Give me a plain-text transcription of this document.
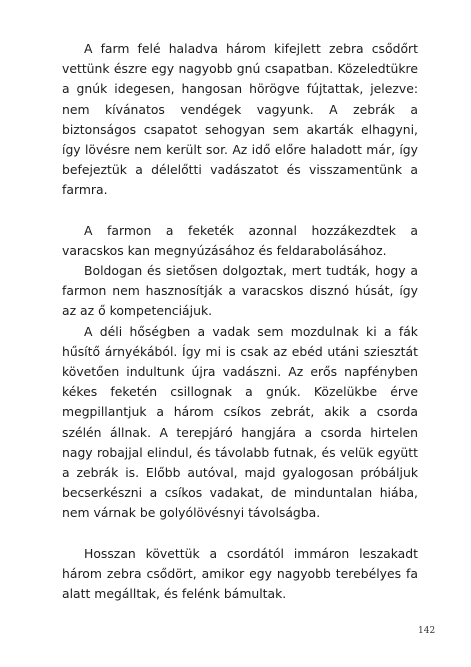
A farm felé haladva három kifejlett zebra csődőrt vettünk észre egy nagyobb gnú csapatban. Közeledtükre a gnúk idegesen, hangosan hörögve fújtattak, jelezve: nem kívánatos vendégek vagyunk. A zebrák a biztonságos csapatot sehogyan sem akarták elhagyni, így lövésre nem került sor. Az idő előre haladott már, így befejeztük a délelőtti vadászatot és visszamentünk a farmra.

A farmon a feketék azonnal hozzákezdtek a varacskos kan megnyúzásához és feldarabolásához.

Boldogan és sietősen dolgoztak, mert tudták, hogy a farmon nem hasznosítják a varacskos disznó húsát, így az az ő kompetenciájuk.

A déli hőségben a vadak sem mozdulnak ki a fák hűsítő árnyékából. Így mi is csak az ebéd utáni sziesztát követően indultunk újra vadászni. Az erős napfényben kékes feketén csillognak a gnúk. Közelükbe érve megpillantjuk a három csíkos zebrát, akik a csorda szélén állnak. A terepjáró hangjára a csorda hirtelen nagy robajjal elindul, és távolabb futnak, és velük együtt a zebrák is. Előbb autóval, majd gyalogosan próbáljuk becserkészni a csíkos vadakat, de minduntalan hiába, nem várnak be golyólövésnyi távolságba.

Hosszan követtük a csordától immáron leszakadt három zebra csődört, amikor egy nagyobb terebélyes fa alatt megálltak, és felénk bámultak.

142
